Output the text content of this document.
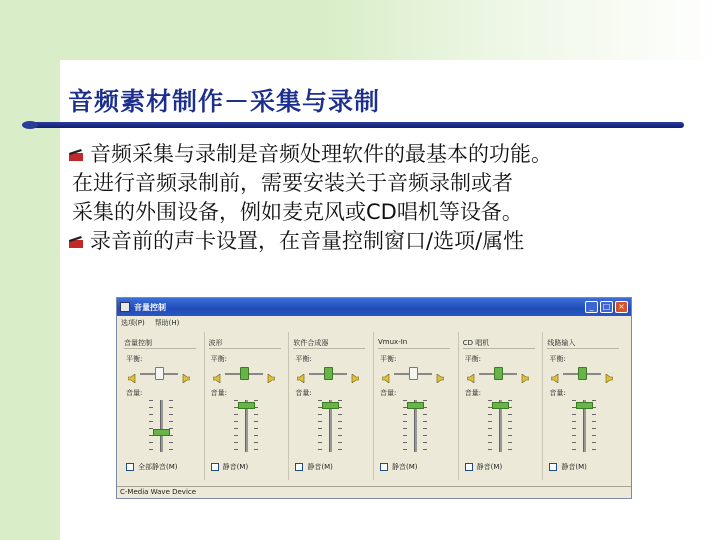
音频素材制作－采集与录制
音频采集与录制是音频处理软件的最基本的功能。
在进行音频录制前，需要安装关于音频录制或者
采集的外围设备，例如麦克风或CD唱机等设备。
录音前的声卡设置，在音量控制窗口/选项/属性
音量控制	_	□ ×
选项(P) 帮助(H)
音量控制
平衡:
音量:
全部静音(M)
波形
平衡:
音量:
静音(M)
软件合成器
平衡:
音量:
静音(M)
Vmux-In
平衡:
音量:
静音(M)
CD 唱机
平衡:
音量:
静音(M)
线路输入
平衡:
音量:
静音(M)
C-Media Wave Device
